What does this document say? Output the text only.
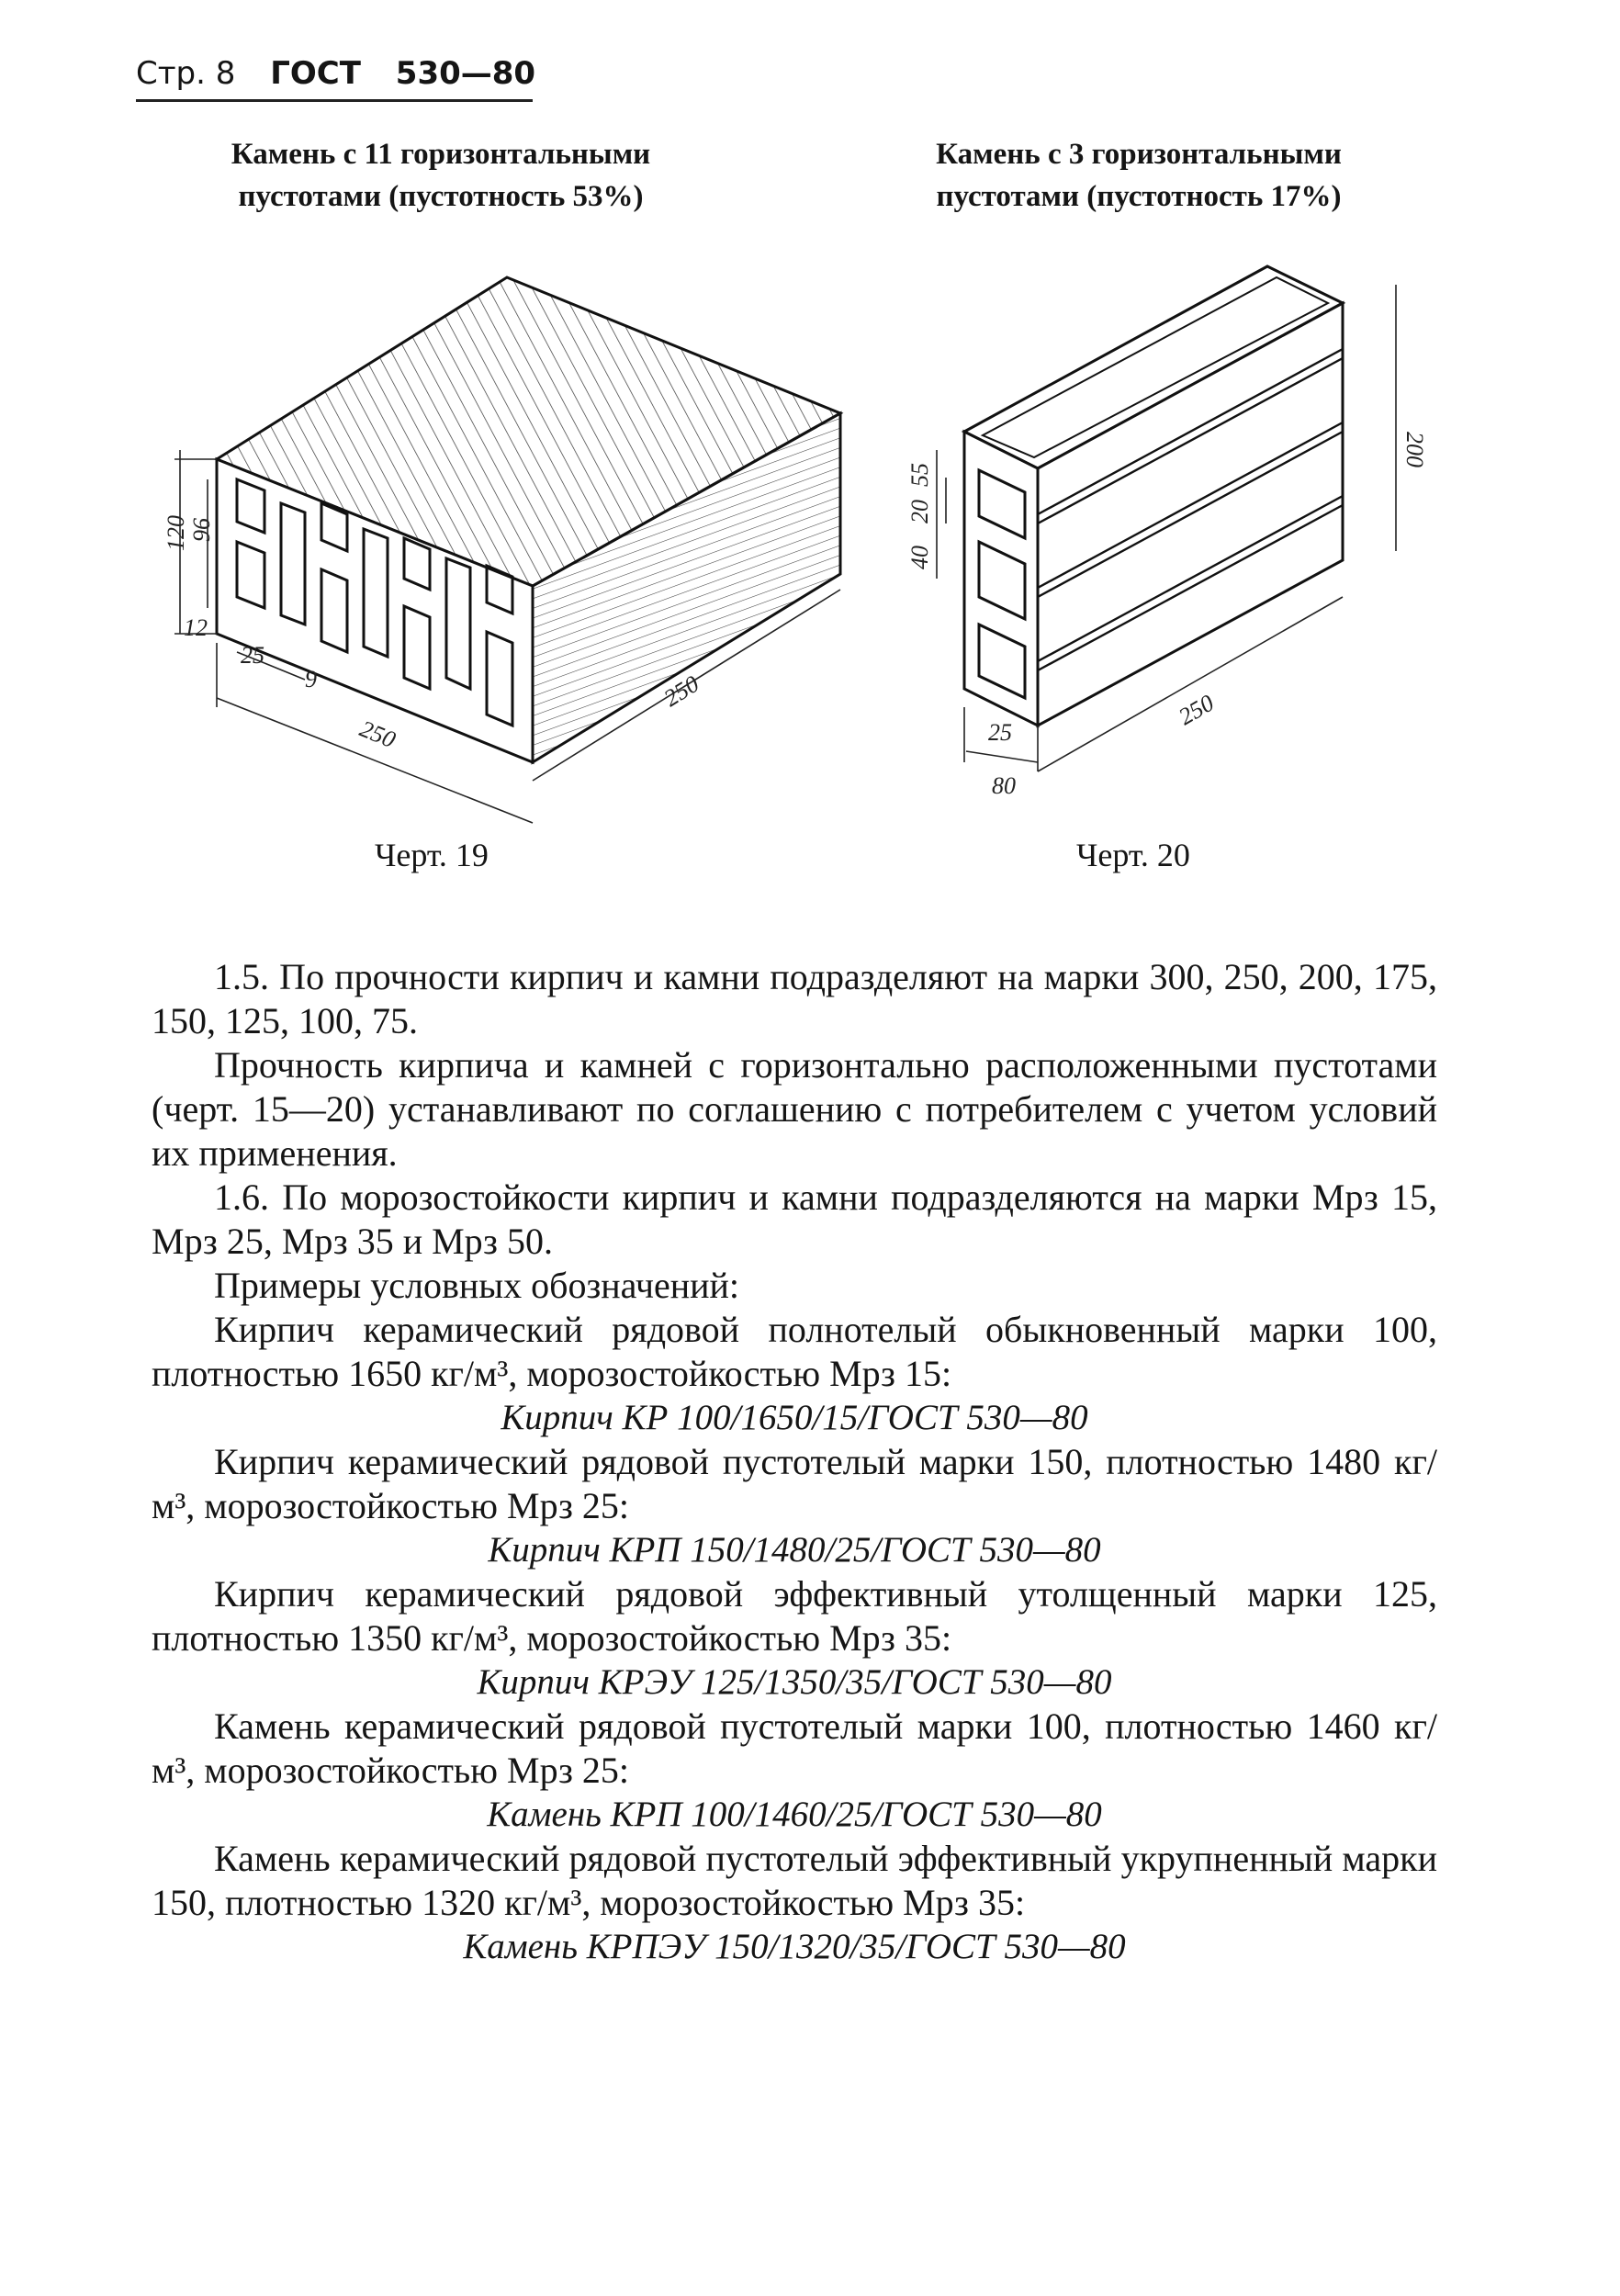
Стр. 8 ГОСТ 530—80
Камень с 11 горизонтальными
пустотами (пустотность 53%)
Камень с 3 горизонтальными
пустотами (пустотность 17%)
120 96
12
25
9
250
250
200
40
20
55
25
80
250
Черт. 19	Черт. 20

1.5. По прочности кирпич и камни подразделяют на марки 300, 250, 200, 175, 150, 125, 100, 75.

Прочность кирпича и камней с горизонтально расположенными пустотами (черт. 15—20) устанавливают по соглашению с потребителем с учетом условий их применения.

1.6. По морозостойкости кирпич и камни подразделяются на марки Мрз 15, Мрз 25, Мрз 35 и Мрз 50.

Примеры условных обозначений:

Кирпич керамический рядовой полнотелый обыкновенный марки 100, плотностью 1650 кг/м³, морозостойкостью Мрз 15:

Кирпич КР 100/1650/15/ГОСТ 530—80

Кирпич керамический рядовой пустотелый марки 150, плотностью 1480 кг/м³, морозостойкостью Мрз 25:

Кирпич КРП 150/1480/25/ГОСТ 530—80

Кирпич керамический рядовой эффективный утолщенный марки 125, плотностью 1350 кг/м³, морозостойкостью Мрз 35:

Кирпич КРЭУ 125/1350/35/ГОСТ 530—80

Камень керамический рядовой пустотелый марки 100, плотностью 1460 кг/м³, морозостойкостью Мрз 25:

Камень КРП 100/1460/25/ГОСТ 530—80

Камень керамический рядовой пустотелый эффективный укрупненный марки 150, плотностью 1320 кг/м³, морозостойкостью Мрз 35:

Камень КРПЭУ 150/1320/35/ГОСТ 530—80
